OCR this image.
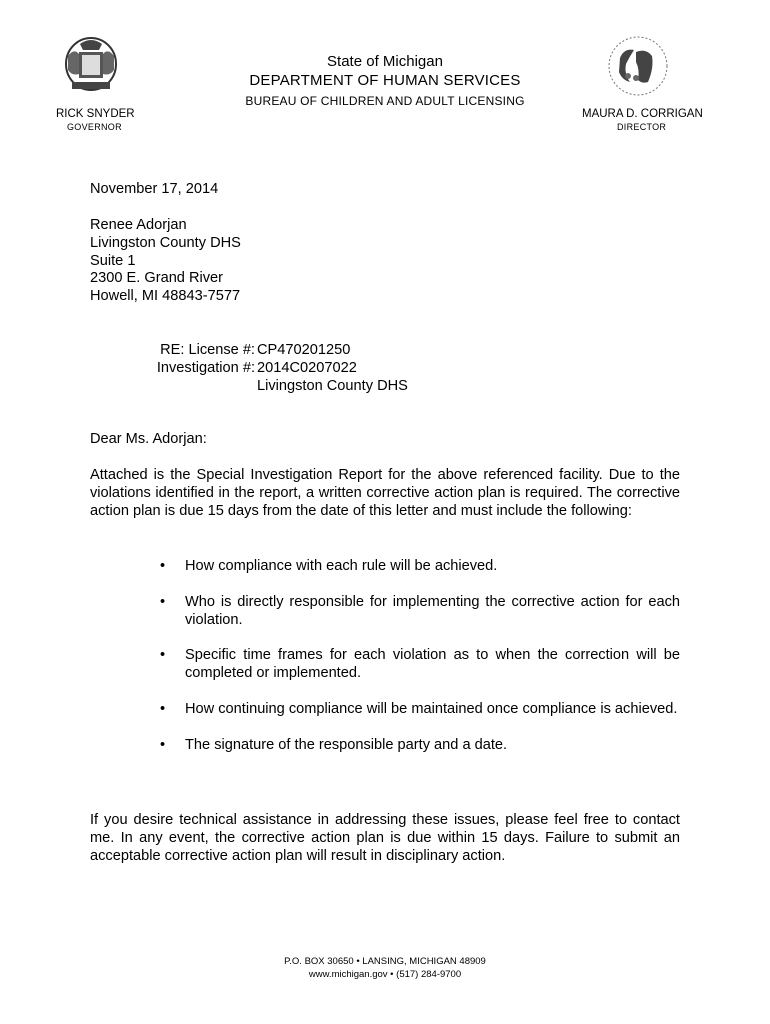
State of Michigan
DEPARTMENT OF HUMAN SERVICES
BUREAU OF CHILDREN AND ADULT LICENSING
RICK SNYDER
GOVERNOR
MAURA D. CORRIGAN
DIRECTOR
November 17, 2014
Renee Adorjan
Livingston County DHS
Suite 1
2300 E. Grand River
Howell, MI 48843-7577
RE: License #: CP470201250
Investigation #: 2014C0207022
Livingston County DHS
Dear Ms. Adorjan:
Attached is the Special Investigation Report for the above referenced facility. Due to the violations identified in the report, a written corrective action plan is required. The corrective action plan is due 15 days from the date of this letter and must include the following:
•	How compliance with each rule will be achieved.
•	Who is directly responsible for implementing the corrective action for each violation.
•	Specific time frames for each violation as to when the correction will be completed or implemented.
•	How continuing compliance will be maintained once compliance is achieved.
•	The signature of the responsible party and a date.
If you desire technical assistance in addressing these issues, please feel free to contact me. In any event, the corrective action plan is due within 15 days. Failure to submit an acceptable corrective action plan will result in disciplinary action.
P.O. BOX 30650 • LANSING, MICHIGAN 48909
www.michigan.gov • (517) 284-9700
